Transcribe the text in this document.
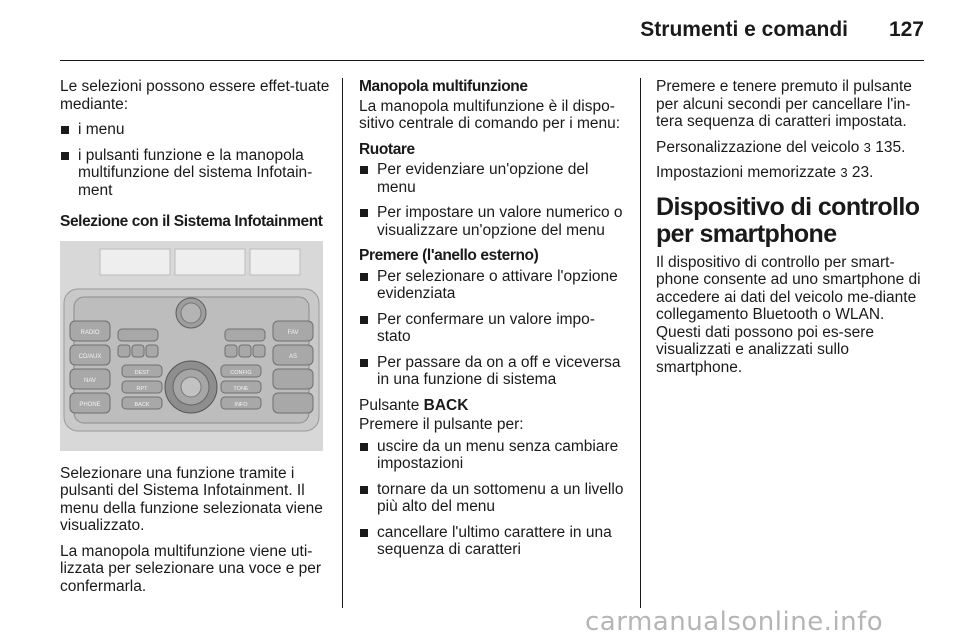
Strumenti e comandi	127

Le selezioni possono essere effet-tuate mediante:

i menu
i pulsanti funzione e la manopola multifunzione del sistema Infotain-ment

Selezione con il Sistema Infotainment

RADIO
CD/AUX
NAV
PHONE
FAV
AS
DEST
RPT
BACK
CONFIG
TONE
INFO

Selezionare una funzione tramite i pulsanti del Sistema Infotainment. Il menu della funzione selezionata viene visualizzato.

La manopola multifunzione viene uti-lizzata per selezionare una voce e per confermarla.

Manopola multifunzione

La manopola multifunzione è il dispo-sitivo centrale di comando per i menu:

Ruotare

Per evidenziare un'opzione del menu
Per impostare un valore numerico o visualizzare un'opzione del menu

Premere (l'anello esterno)

Per selezionare o attivare l'opzione evidenziata
Per confermare un valore impo-stato
Per passare da on a off e viceversa in una funzione di sistema

Pulsante BACK

Premere il pulsante per:

uscire da un menu senza cambiare impostazioni
tornare da un sottomenu a un livello più alto del menu
cancellare l'ultimo carattere in una sequenza di caratteri

Premere e tenere premuto il pulsante per alcuni secondi per cancellare l'in-tera sequenza di caratteri impostata.

Personalizzazione del veicolo 3 135.

Impostazioni memorizzate 3 23.

Dispositivo di controllo per smartphone

Il dispositivo di controllo per smart-phone consente ad uno smartphone di accedere ai dati del veicolo me-diante collegamento Bluetooth o WLAN. Questi dati possono poi es-sere visualizzati e analizzati sullo smartphone.

carmanualsonline.info
